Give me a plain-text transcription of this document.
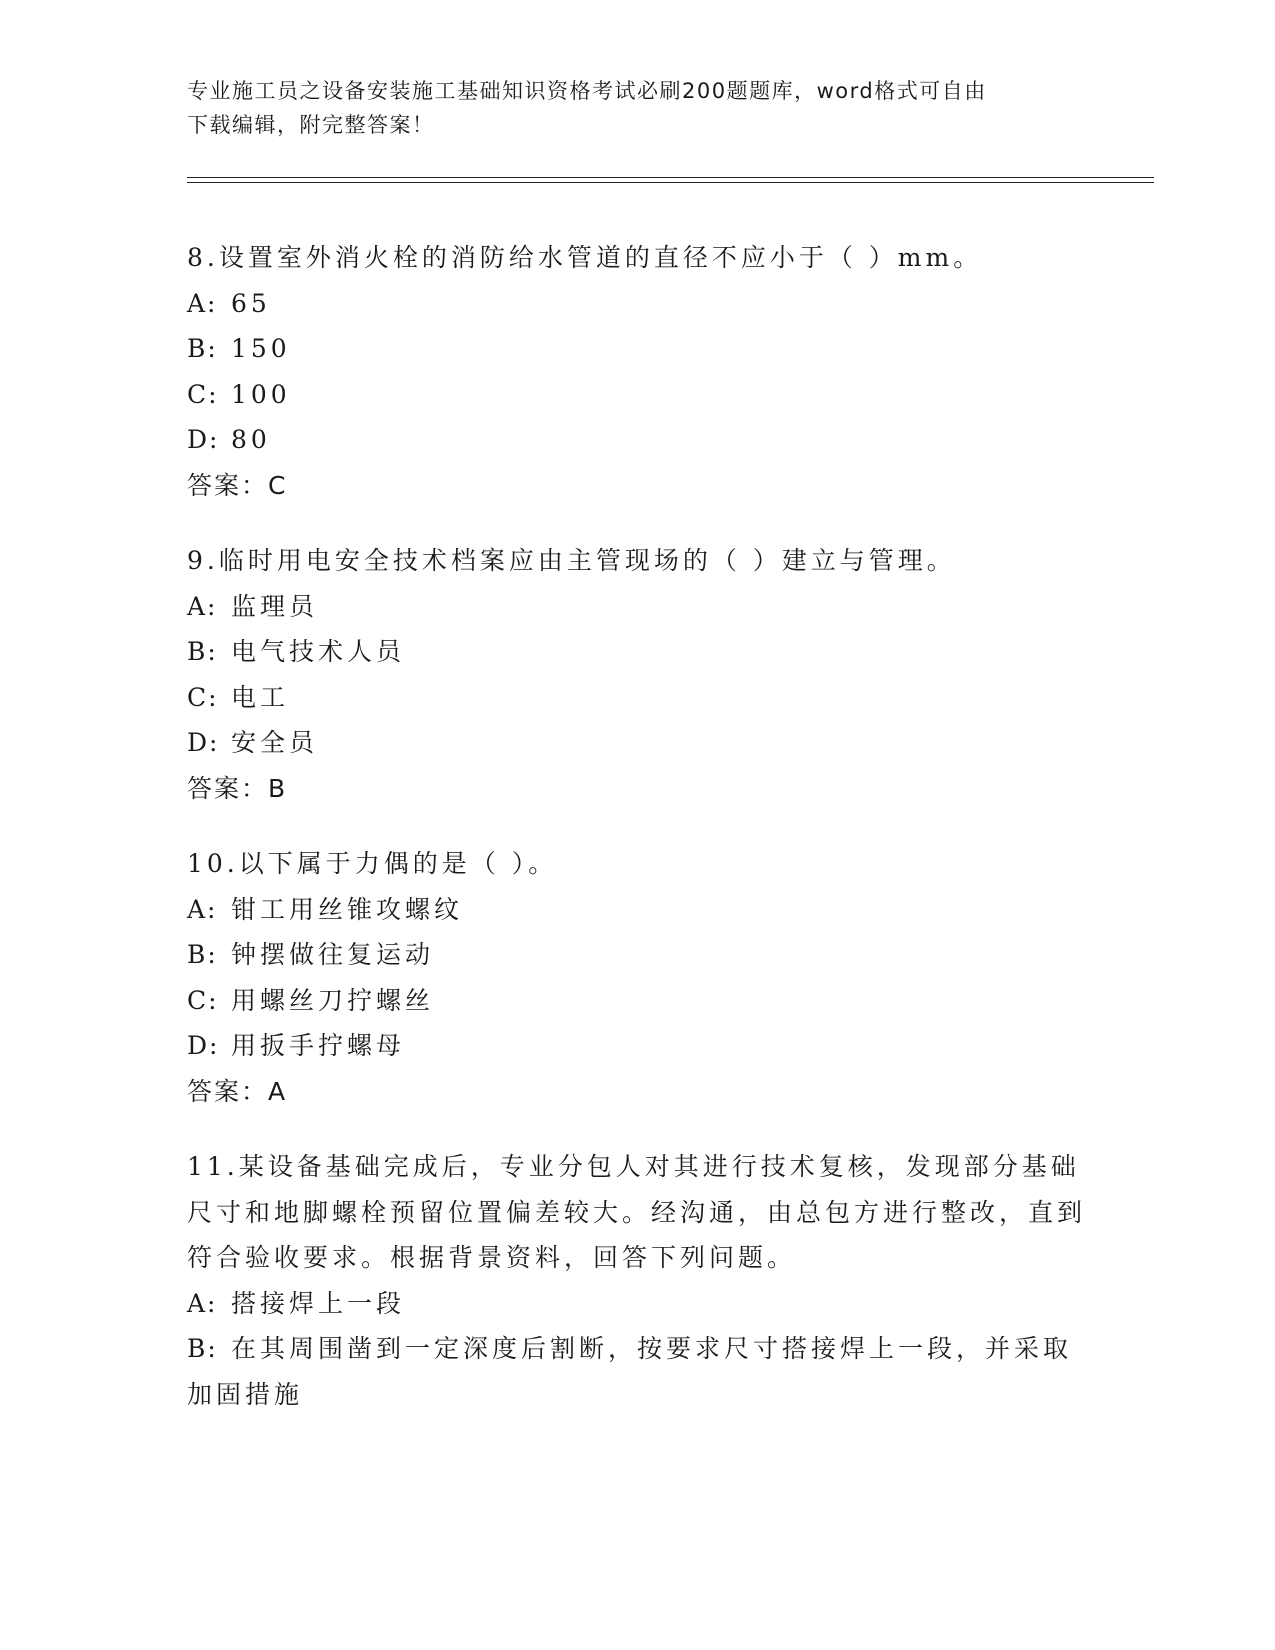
专业施工员之设备安装施工基础知识资格考试必刷200题题库，word格式可自由
下载编辑，附完整答案！

8.设置室外消火栓的消防给水管道的直径不应小于（ ）mm。

A: 65

B: 150

C: 100

D: 80

答案：C

9.临时用电安全技术档案应由主管现场的（ ）建立与管理。

A: 监理员

B: 电气技术人员

C: 电工

D: 安全员

答案：B

10.以下属于力偶的是（ ）。

A: 钳工用丝锥攻螺纹

B: 钟摆做往复运动

C: 用螺丝刀拧螺丝

D: 用扳手拧螺母

答案：A

11.某设备基础完成后，专业分包人对其进行技术复核，发现部分基础尺寸和地脚螺栓预留位置偏差较大。经沟通，由总包方进行整改，直到符合验收要求。根据背景资料，回答下列问题。

A: 搭接焊上一段

B: 在其周围凿到一定深度后割断，按要求尺寸搭接焊上一段，并采取加固措施
